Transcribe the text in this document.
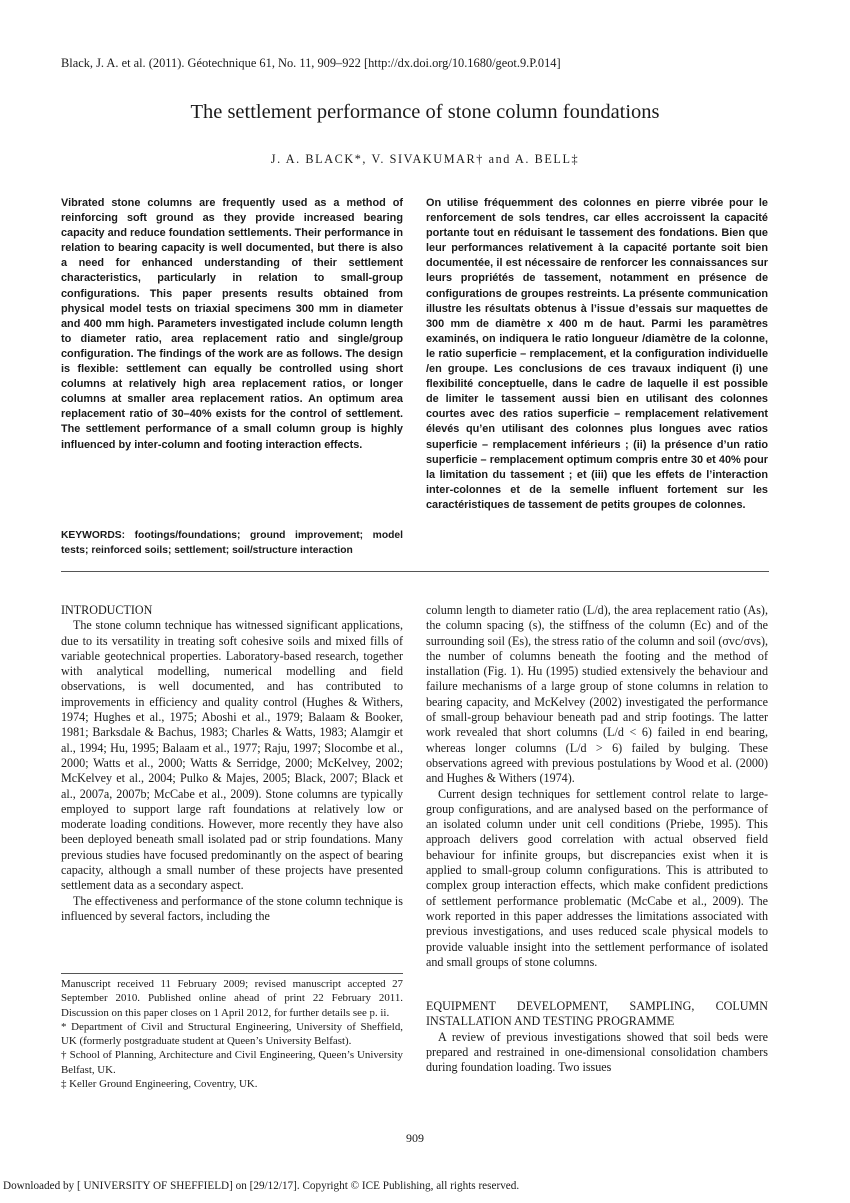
Black, J. A. et al. (2011). Géotechnique 61, No. 11, 909–922 [http://dx.doi.org/10.1680/geot.9.P.014]
The settlement performance of stone column foundations
J. A. BLACK*, V. SIVAKUMAR† and A. BELL‡
Vibrated stone columns are frequently used as a method of reinforcing soft ground as they provide increased bearing capacity and reduce foundation settlements. Their performance in relation to bearing capacity is well documented, but there is also a need for enhanced understanding of their settlement characteristics, particularly in relation to small-group configurations. This paper presents results obtained from physical model tests on triaxial specimens 300 mm in diameter and 400 mm high. Parameters investigated include column length to diameter ratio, area replacement ratio and single/group configuration. The findings of the work are as follows. The design is flexible: settlement can equally be controlled using short columns at relatively high area replacement ratios, or longer columns at smaller area replacement ratios. An optimum area replacement ratio of 30–40% exists for the control of settlement. The settlement performance of a small column group is highly influenced by inter-column and footing interaction effects.
On utilise fréquemment des colonnes en pierre vibrée pour le renforcement de sols tendres, car elles accroissent la capacité portante tout en réduisant le tassement des fondations. Bien que leur performances relativement à la capacité portante soit bien documentée, il est nécessaire de renforcer les connaissances sur leurs propriétés de tassement, notamment en présence de configurations de groupes restreints. La présente communication illustre les résultats obtenus à l’issue d’essais sur maquettes de 300 mm de diamètre x 400 m de haut. Parmi les paramètres examinés, on indiquera le ratio longueur /diamètre de la colonne, le ratio superficie – remplacement, et la configuration individuelle /en groupe. Les conclusions de ces travaux indiquent (i) une flexibilité conceptuelle, dans le cadre de laquelle il est possible de limiter le tassement aussi bien en utilisant des colonnes courtes avec des ratios superficie – remplacement relativement élevés qu’en utilisant des colonnes plus longues avec ratios superficie – remplacement inférieurs ; (ii) la présence d’un ratio superficie – remplacement optimum compris entre 30 et 40% pour la limitation du tassement ; et (iii) que les effets de l’interaction inter-colonnes et de la semelle influent fortement sur les caractéristiques de tassement de petits groupes de colonnes.
KEYWORDS: footings/foundations; ground improvement; model tests; reinforced soils; settlement; soil/structure interaction

INTRODUCTION

The stone column technique has witnessed significant applications, due to its versatility in treating soft cohesive soils and mixed fills of variable geotechnical properties. Laboratory-based research, together with analytical modelling, numerical modelling and field observations, is well documented, and has contributed to improvements in efficiency and quality control (Hughes & Withers, 1974; Hughes et al., 1975; Aboshi et al., 1979; Balaam & Booker, 1981; Barksdale & Bachus, 1983; Charles & Watts, 1983; Alamgir et al., 1994; Hu, 1995; Balaam et al., 1977; Raju, 1997; Slocombe et al., 2000; Watts et al., 2000; Watts & Serridge, 2000; McKelvey, 2002; McKelvey et al., 2004; Pulko & Majes, 2005; Black, 2007; Black et al., 2007a, 2007b; McCabe et al., 2009). Stone columns are typically employed to support large raft foundations at relatively low or moderate loading conditions. However, more recently they have also been deployed beneath small isolated pad or strip foundations. Many previous studies have focused predominantly on the aspect of bearing capacity, although a small number of these projects have presented settlement data as a secondary aspect.

The effectiveness and performance of the stone column technique is influenced by several factors, including the

column length to diameter ratio (L/d), the area replacement ratio (As), the column spacing (s), the stiffness of the column (Ec) and of the surrounding soil (Es), the stress ratio of the column and soil (σvc/σvs), the number of columns beneath the footing and the method of installation (Fig. 1). Hu (1995) studied extensively the behaviour and failure mechanisms of a large group of stone columns in relation to bearing capacity, and McKelvey (2002) investigated the performance of small-group behaviour beneath pad and strip footings. The latter work revealed that short columns (L/d < 6) failed in end bearing, whereas longer columns (L/d > 6) failed by bulging. These observations agreed with previous postulations by Wood et al. (2000) and Hughes & Withers (1974).

Current design techniques for settlement control relate to large-group configurations, and are analysed based on the performance of an isolated column under unit cell conditions (Priebe, 1995). This approach delivers good correlation with actual observed field behaviour for infinite groups, but discrepancies exist when it is applied to small-group column configurations. This is attributed to complex group interaction effects, which make confident predictions of settlement performance problematic (McCabe et al., 2009). The work reported in this paper addresses the limitations associated with previous investigations, and uses reduced scale physical models to provide valuable insight into the settlement performance of isolated and small groups of stone columns.

EQUIPMENT DEVELOPMENT, SAMPLING, COLUMN INSTALLATION AND TESTING PROGRAMME

A review of previous investigations showed that soil beds were prepared and restrained in one-dimensional consolidation chambers during foundation loading. Two issues

Manuscript received 11 February 2009; revised manuscript accepted 27 September 2010. Published online ahead of print 22 February 2011. Discussion on this paper closes on 1 April 2012, for further details see p. ii.

* Department of Civil and Structural Engineering, University of Sheffield, UK (formerly postgraduate student at Queen’s University Belfast).

† School of Planning, Architecture and Civil Engineering, Queen’s University Belfast, UK.

‡ Keller Ground Engineering, Coventry, UK.

909
Downloaded by [ UNIVERSITY OF SHEFFIELD] on [29/12/17]. Copyright © ICE Publishing, all rights reserved.
